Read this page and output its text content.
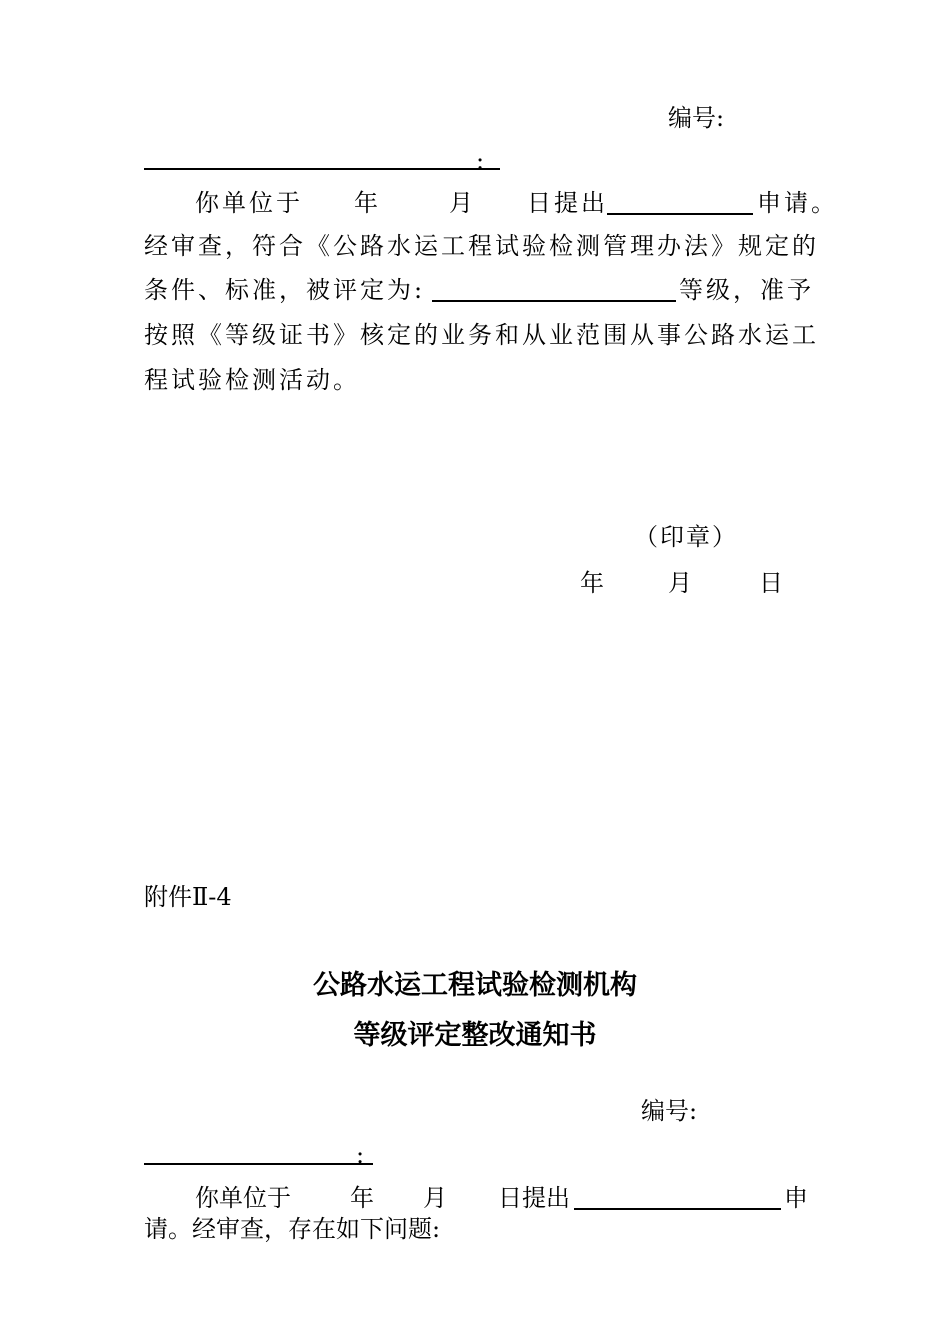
编号:
:
你单位于 年	月 日提出	申请。
经审查，符合《公路水运工程试验检测管理办法》规定的
条件、标准，被评定为:	等级，准予
按照《等级证书》核定的业务和从业范围从事公路水运工
程试验检测活动。
（印章）
年	月	日
附件Ⅱ-4
公路水运工程试验检测机构
等级评定整改通知书
编号:
:
你单位于 年 月 日提出	申
请。经审查，存在如下问题:
